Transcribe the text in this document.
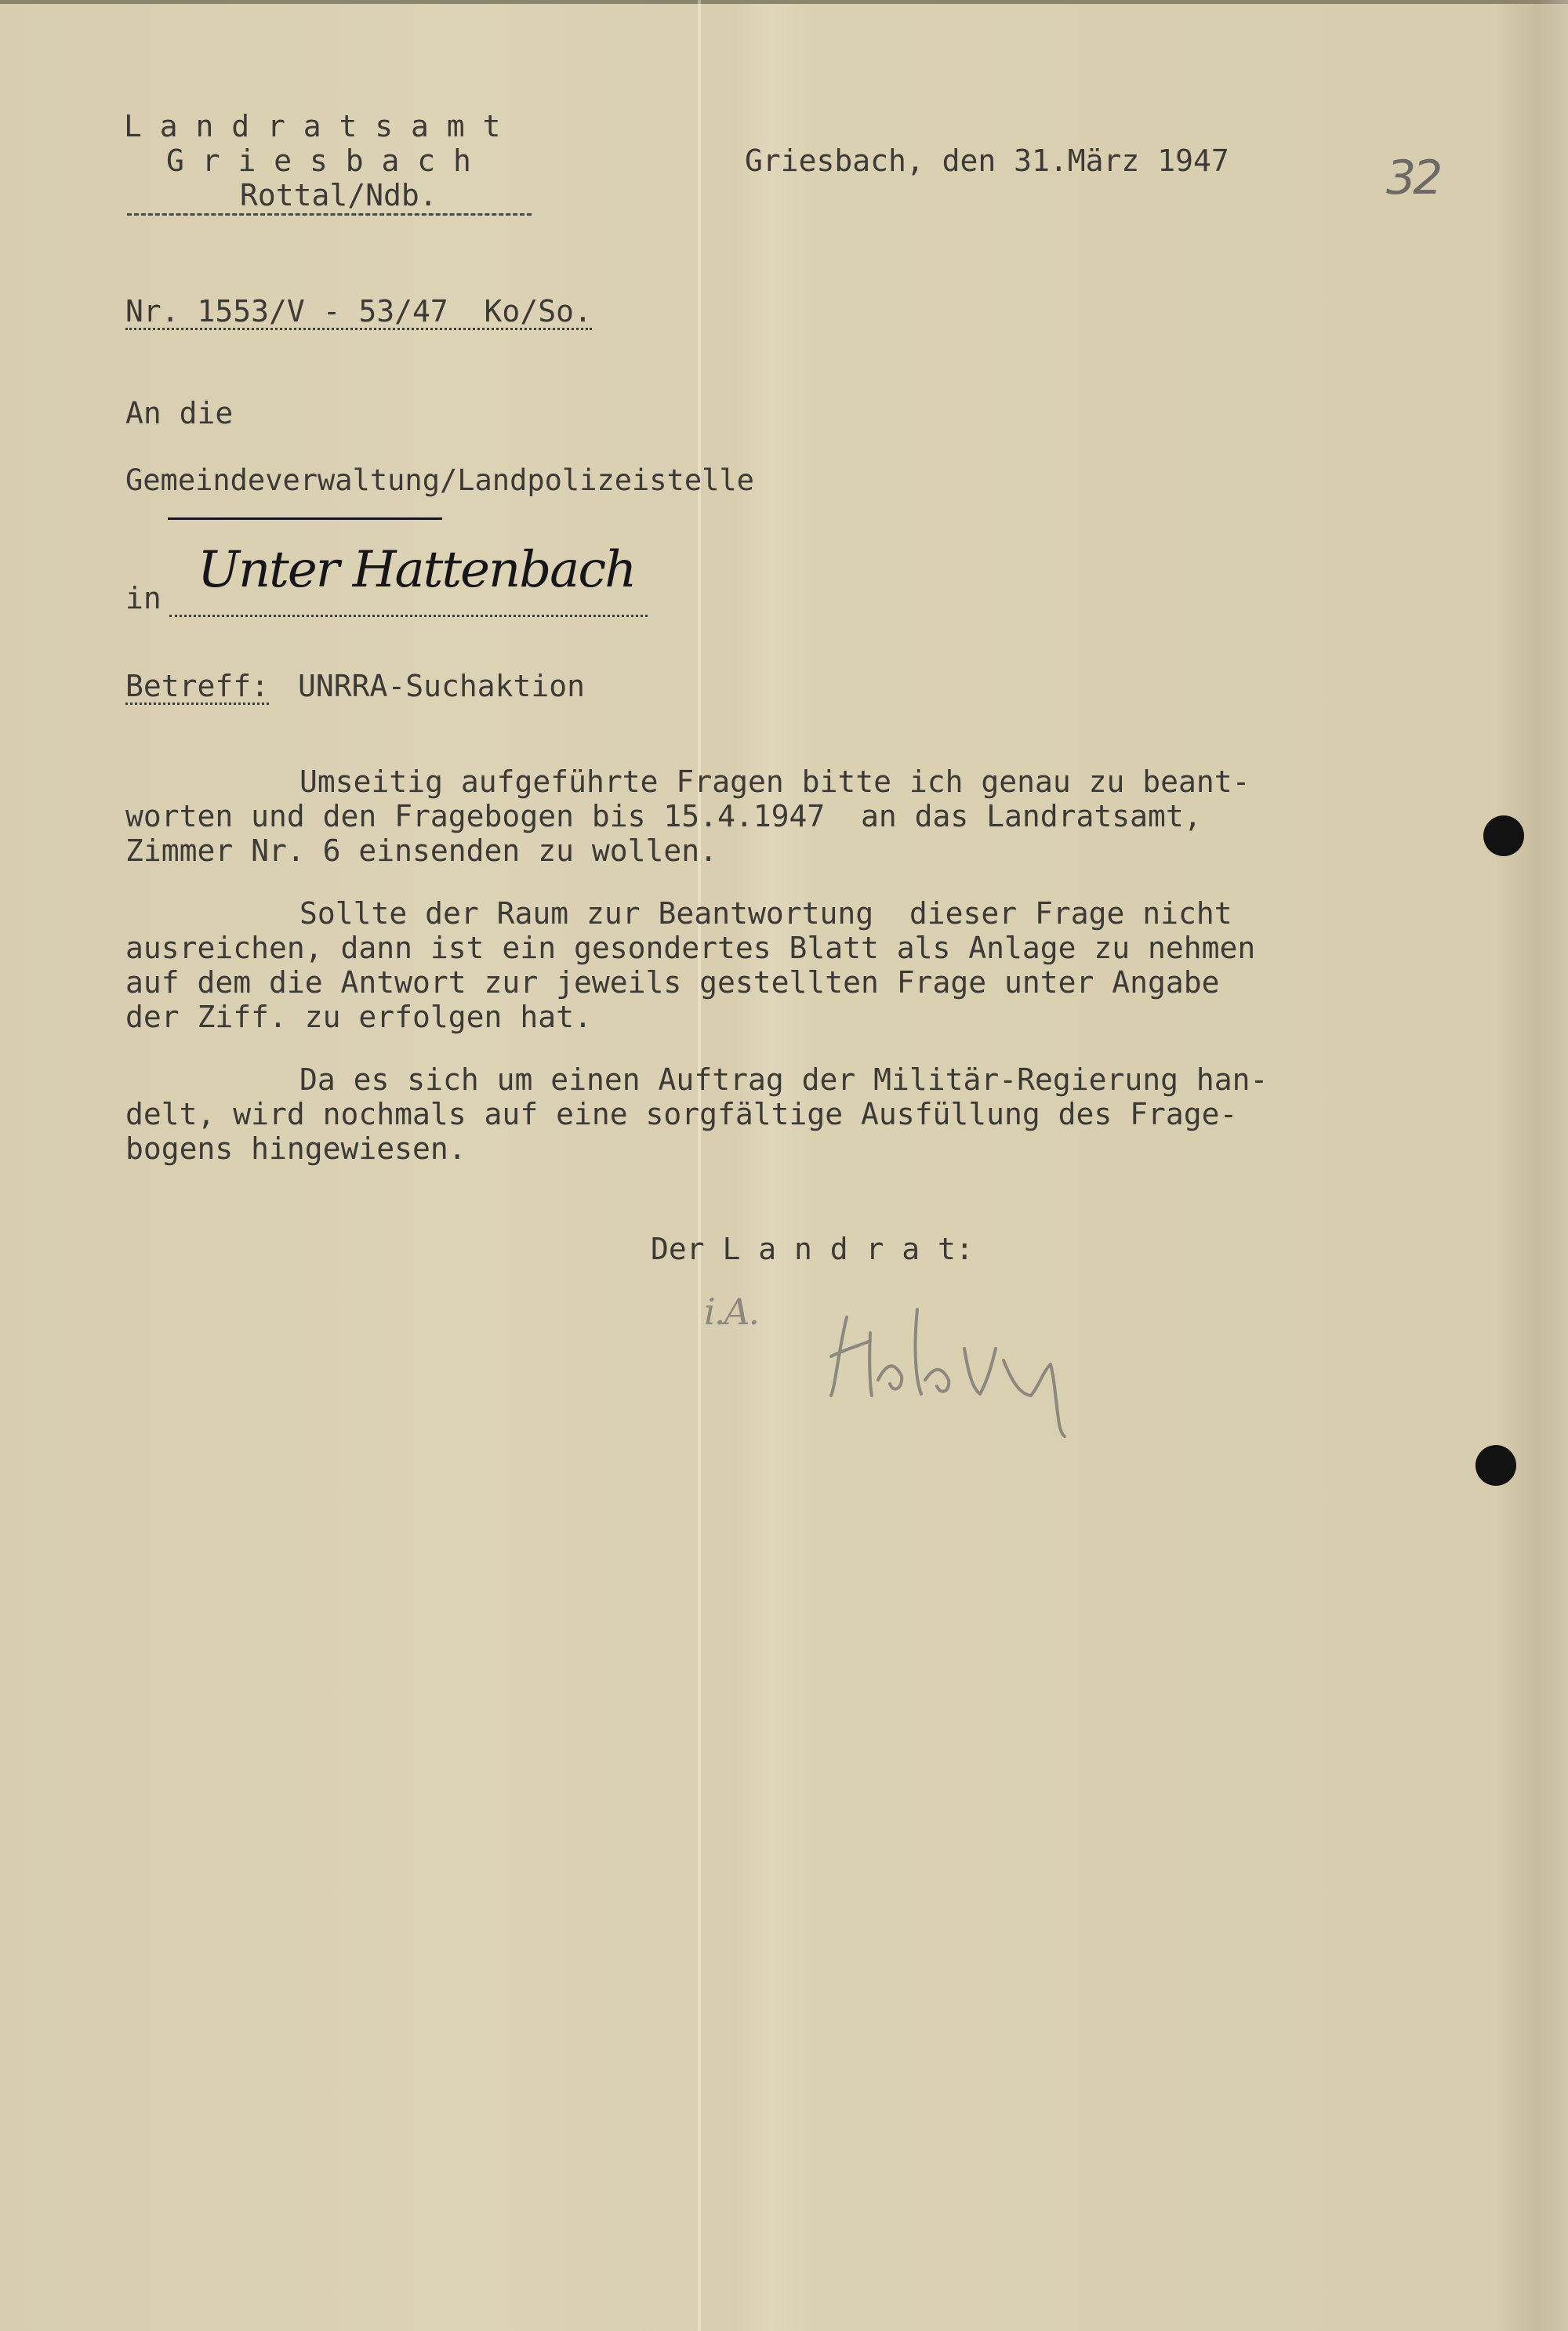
L a n d r a t s a m t
G r i e s b a c h
Rottal/Ndb.
Griesbach, den 31.März 1947	32
Nr. 1553/V - 53/47  Ko/So.
An die
Gemeindeverwaltung/Landpolizeistelle
in Unter Hattenbach
Betreff: UNRRA-Suchaktion
Umseitig aufgeführte Fragen bitte ich genau zu beant-
worten und den Fragebogen bis 15.4.1947  an das Landratsamt,
Zimmer Nr. 6 einsenden zu wollen.
Sollte der Raum zur Beantwortung  dieser Frage nicht
ausreichen, dann ist ein gesondertes Blatt als Anlage zu nehmen
auf dem die Antwort zur jeweils gestellten Frage unter Angabe
der Ziff. zu erfolgen hat.
Da es sich um einen Auftrag der Militär-Regierung han-
delt, wird nochmals auf eine sorgfältige Ausfüllung des Frage-
bogens hingewiesen.
Der L a n d r a t:
i.A.
